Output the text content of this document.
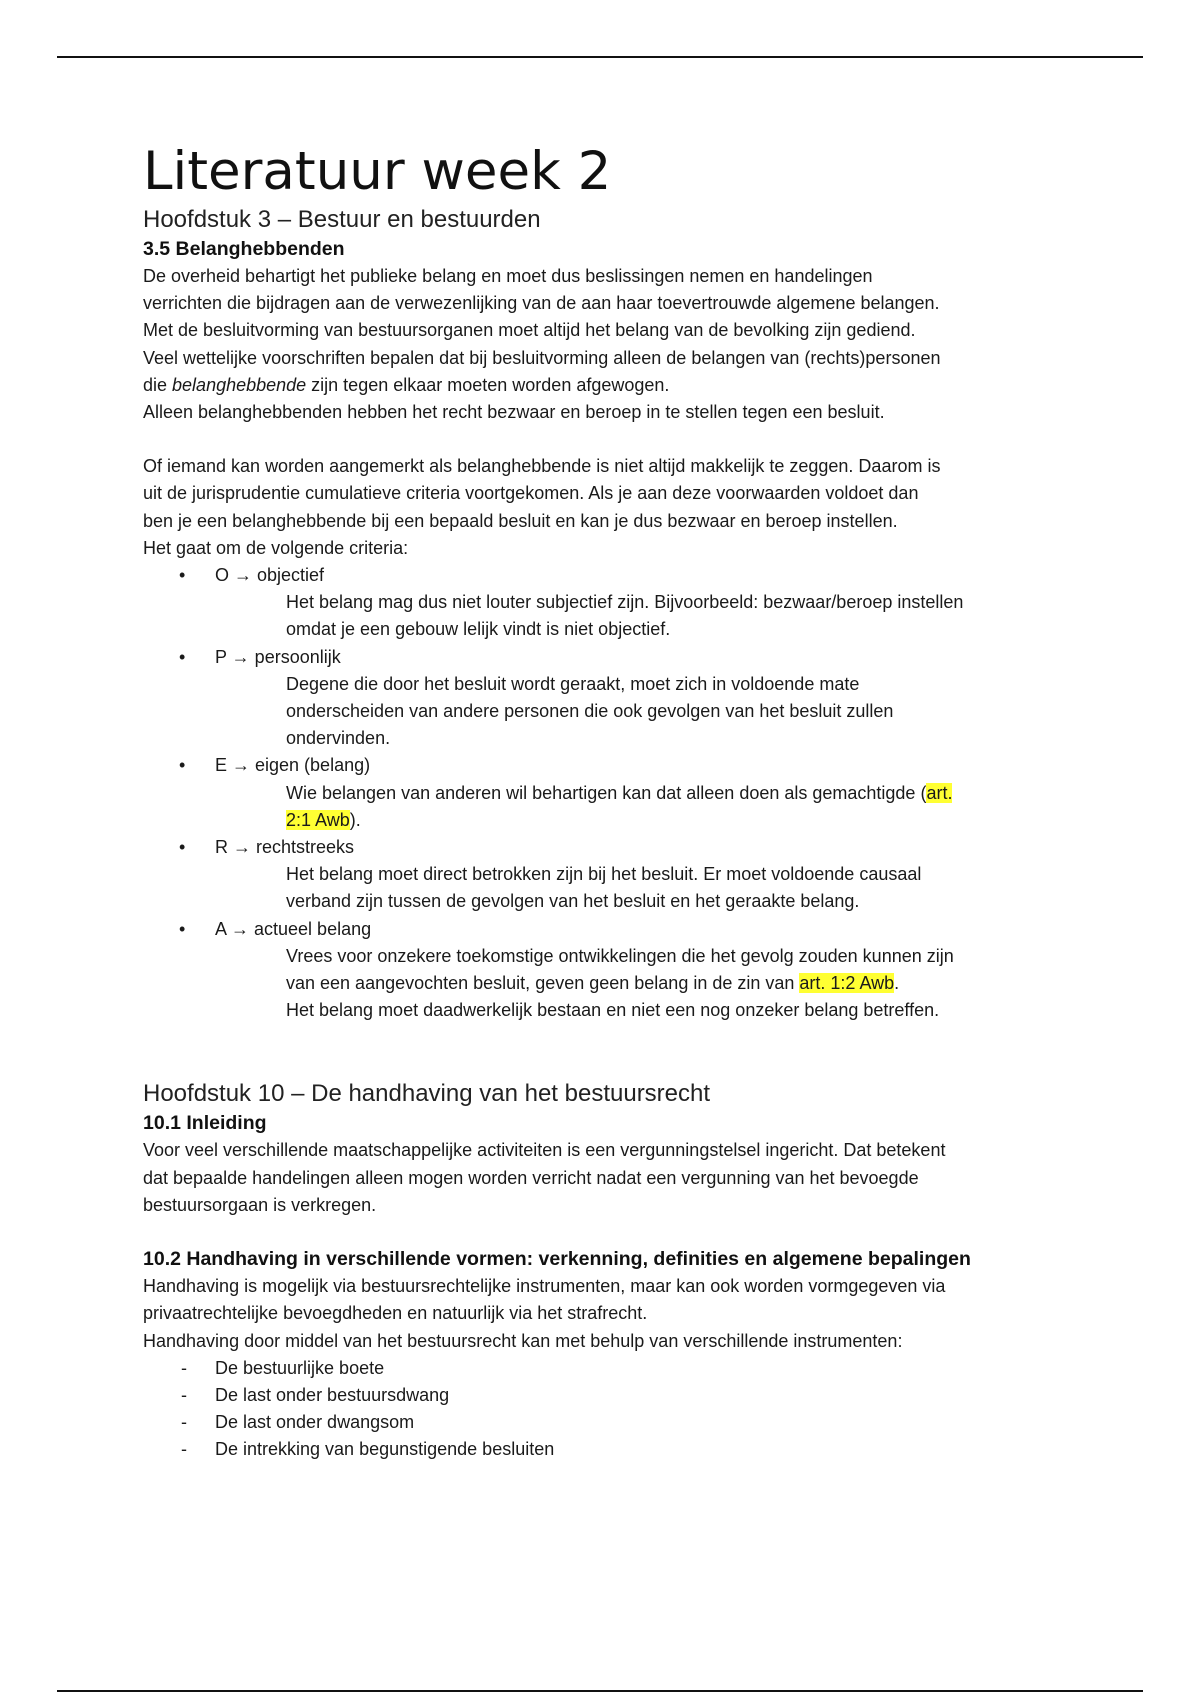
Literatuur week 2
Hoofdstuk 3 – Bestuur en bestuurden
3.5 Belanghebbenden
De overheid behartigt het publieke belang en moet dus beslissingen nemen en handelingen
verrichten die bijdragen aan de verwezenlijking van de aan haar toevertrouwde algemene belangen.
Met de besluitvorming van bestuursorganen moet altijd het belang van de bevolking zijn gediend.
Veel wettelijke voorschriften bepalen dat bij besluitvorming alleen de belangen van (rechts)personen
die belanghebbende zijn tegen elkaar moeten worden afgewogen.
Alleen belanghebbenden hebben het recht bezwaar en beroep in te stellen tegen een besluit.
Of iemand kan worden aangemerkt als belanghebbende is niet altijd makkelijk te zeggen. Daarom is
uit de jurisprudentie cumulatieve criteria voortgekomen. Als je aan deze voorwaarden voldoet dan
ben je een belanghebbende bij een bepaald besluit en kan je dus bezwaar en beroep instellen.
Het gaat om de volgende criteria:
• O → objectief
Het belang mag dus niet louter subjectief zijn. Bijvoorbeeld: bezwaar/beroep instellen
omdat je een gebouw lelijk vindt is niet objectief.
• P → persoonlijk
Degene die door het besluit wordt geraakt, moet zich in voldoende mate
onderscheiden van andere personen die ook gevolgen van het besluit zullen
ondervinden.
• E → eigen (belang)
Wie belangen van anderen wil behartigen kan dat alleen doen als gemachtigde (art.
2:1 Awb).
• R → rechtstreeks
Het belang moet direct betrokken zijn bij het besluit. Er moet voldoende causaal
verband zijn tussen de gevolgen van het besluit en het geraakte belang.
• A → actueel belang
Vrees voor onzekere toekomstige ontwikkelingen die het gevolg zouden kunnen zijn
van een aangevochten besluit, geven geen belang in de zin van art. 1:2 Awb.
Het belang moet daadwerkelijk bestaan en niet een nog onzeker belang betreffen.
Hoofdstuk 10 – De handhaving van het bestuursrecht
10.1 Inleiding
Voor veel verschillende maatschappelijke activiteiten is een vergunningstelsel ingericht. Dat betekent
dat bepaalde handelingen alleen mogen worden verricht nadat een vergunning van het bevoegde
bestuursorgaan is verkregen.
10.2 Handhaving in verschillende vormen: verkenning, definities en algemene bepalingen
Handhaving is mogelijk via bestuursrechtelijke instrumenten, maar kan ook worden vormgegeven via
privaatrechtelijke bevoegdheden en natuurlijk via het strafrecht.
Handhaving door middel van het bestuursrecht kan met behulp van verschillende instrumenten:
- De bestuurlijke boete
- De last onder bestuursdwang
- De last onder dwangsom
- De intrekking van begunstigende besluiten
